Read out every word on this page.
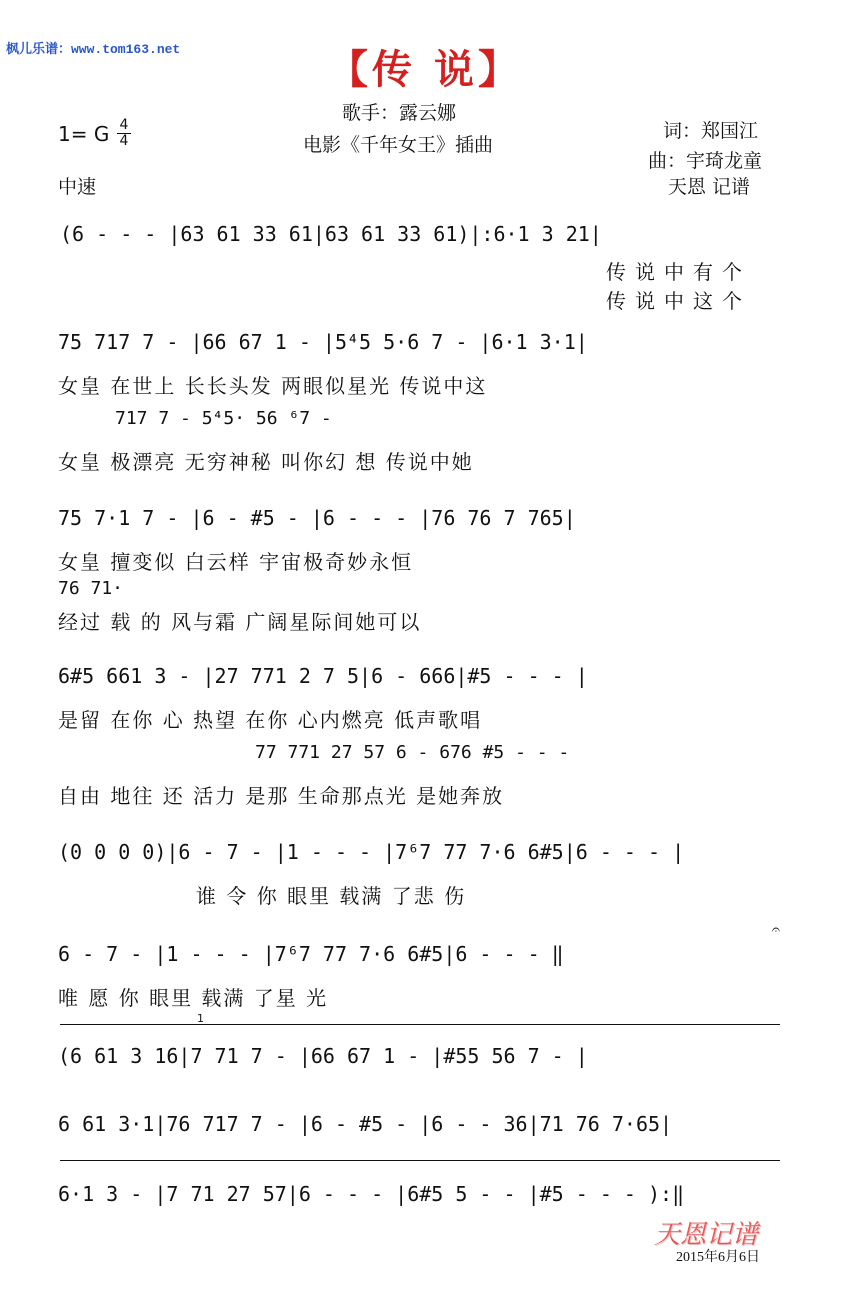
枫儿乐谱：www.tom163.net	【传 说】
歌手：露云娜
电影《千年女王》插曲
1= G $\frac{4}{4}$
中速
词：郑国江
曲：宇琦龙童
天恩 记谱
(6 - - - |63 61 33 61|63 61 33 61)|:6·1 3 21|
传说中有个
传说中这个
75 717 7 - |66 67 1 - |5⁴5 5·6 7 - |6·1 3·1|
女皇 在世上 长长头发 两眼似星光 传说中这
717 7 - 5⁴5· 56 ⁶7 -
女皇 极漂亮 无穷神秘 叫你幻 想 传说中她
75 7·1 7 - |6 - #5 - |6 - - - |76 76 7 765|
女皇 擅变似 白云样 宇宙极奇妙永恒
76 71·
经过 载 的 风与霜 广阔星际间她可以
6#5 661 3 - |27 771 2 7 5|6 - 666|#5 - - - |
是留 在你 心 热望 在你 心内燃亮 低声歌唱
77 771 27 57 6 - 676 #5 - - -
自由 地往 还 活力 是那 生命那点光 是她奔放
(0 0 0 0)|6 - 7 - |1 - - - |7⁶7 77 7·6 6#5|6 - - - |
谁 令 你 眼里 载满 了悲 伤
𝄐
6 - 7 - |1 - - - |7⁶7 77 7·6 6#5|6 - - - ‖
唯 愿 你 眼里 载满 了星 光
1
(6 61 3 16|7 71 7 - |66 67 1 - |#55 56 7 - |
6 61 3·1|76 717 7 - |6 - #5 - |6 - - 36|71 76 7·65|
6·1 3 - |7 71 27 57|6 - - - |6#5 5 - - |#5 - - - ):‖
天恩记谱
2015年6月6日
